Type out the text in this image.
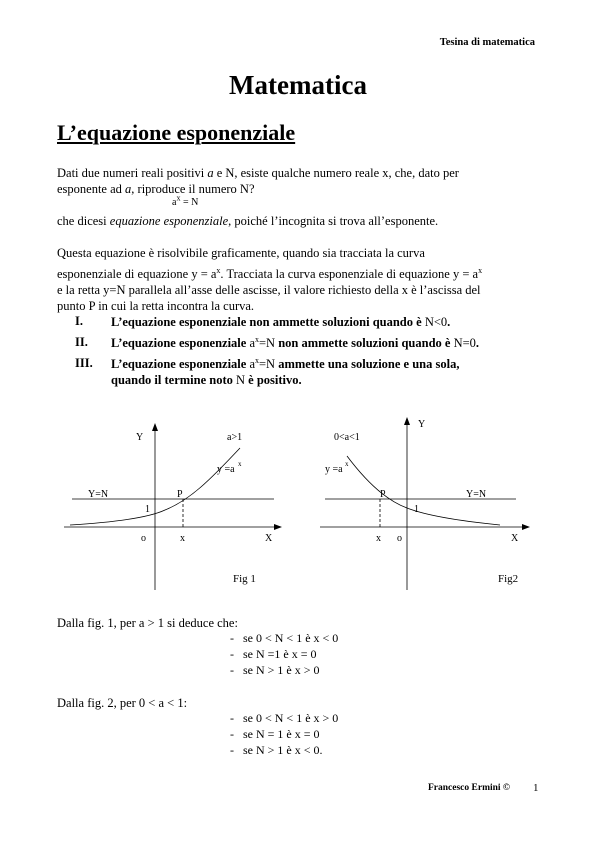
Tesina di matematica
Matematica
L’equazione esponenziale
Dati due numeri reali positivi a e N, esiste qualche numero reale x, che, dato per
esponente ad a, riproduce il numero N?
$a^x = N$
che dicesi equazione esponenziale, poiché l’incognita si trova all’esponente.
Questa equazione è risolvibile graficamente, quando sia tracciata la curva
esponenziale di equazione $y = a^x$. Tracciata la curva esponenziale di equazione $y = a^x$
e la retta y=N parallela all’asse delle ascisse, il valore richiesto della x è l’ascissa del
punto P in cui la retta incontra la curva.
I. L’equazione esponenziale non ammette soluzioni quando è N<0.
II. L’equazione esponenziale $a^x=N$ non ammette soluzioni quando è N=0.
III. L’equazione esponenziale $a^x=N$ ammette una soluzione e una sola,
quando il termine noto N è positivo.
Y	a>1
y =a x
Y=N	P
1
o	x	X
Fig 1
Y
0<a<1
y =a x
Y=N
P
1
o
x	X
Fig2
Dalla fig. 1, per a > 1 si deduce che:
- se 0 < N < 1 è x < 0
- se N =1 è x = 0
- se N > 1 è x > 0
Dalla fig. 2, per 0 < a < 1:
- se 0 < N < 1 è x > 0
- se N = 1 è x = 0
- se N > 1 è x < 0.
Francesco Ermini © 1
